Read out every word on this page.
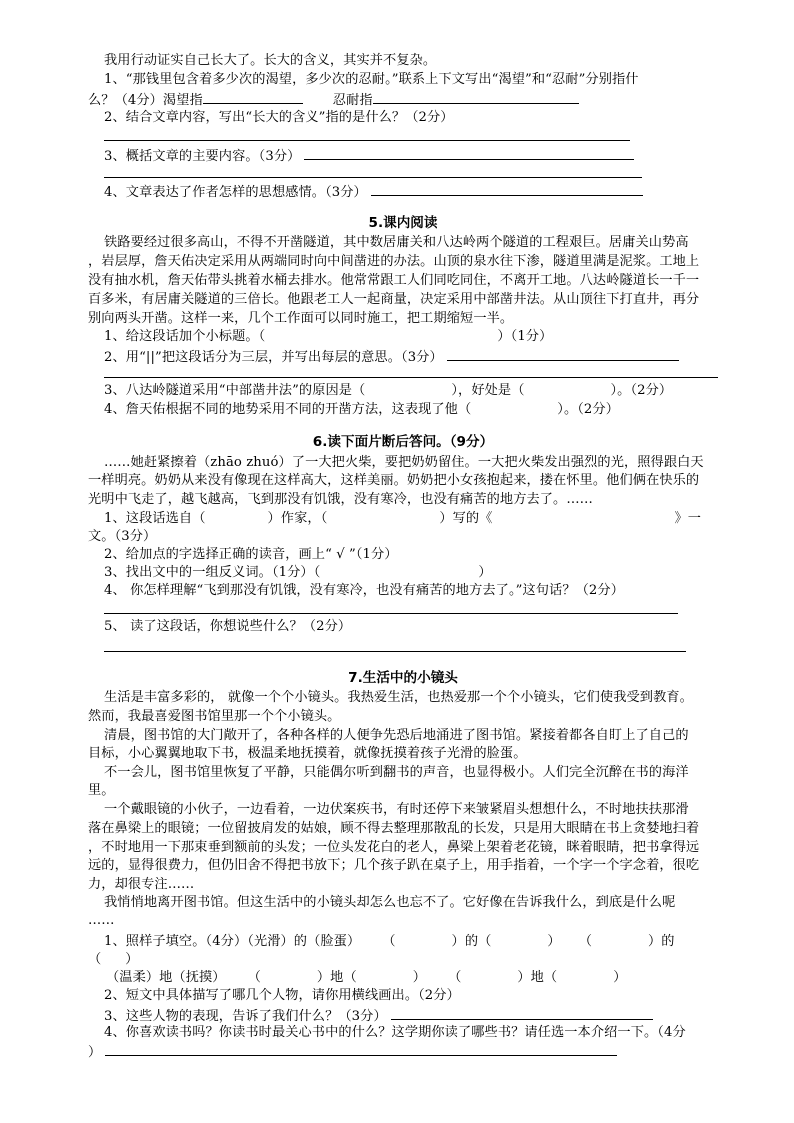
我用行动证实自己长大了。长大的含义，其实并不复杂。
1、“那钱里包含着多少次的渴望，多少次的忍耐。”联系上下文写出“渴望”和“忍耐”分别指什
么？（4分）渴望指	忍耐指
2、结合文章内容，写出“长大的含义”指的是什么？（2分）
3、概括文章的主要内容。（3分）
4、文章表达了作者怎样的思想感情。（3分）
5.课内阅读
铁路要经过很多高山，不得不开凿隧道，其中数居庸关和八达岭两个隧道的工程艰巨。居庸关山势高
，岩层厚，詹天佑决定采用从两端同时向中间凿进的办法。山顶的泉水往下渗，隧道里满是泥浆。工地上
没有抽水机，詹天佑带头挑着水桶去排水。他常常跟工人们同吃同住，不离开工地。八达岭隧道长一千一
百多米，有居庸关隧道的三倍长。他跟老工人一起商量，决定采用中部凿井法。从山顶往下打直井，再分
别向两头开凿。这样一来，几个工作面可以同时施工，把工期缩短一半。
1、给这段话加个小标题。（	）（1分）
2、用“||”把这段话分为三层，并写出每层的意思。（3分）
3、八达岭隧道采用“中部凿井法”的原因是（	），好处是（	）。（2分）
4、詹天佑根据不同的地势采用不同的开凿方法，这表现了他（	）。（2分）
6.读下面片断后答问。（9分）
……她赶紧擦着（zhāo zhuó）了一大把火柴，要把奶奶留住。一大把火柴发出强烈的光，照得跟白天
一样明亮。奶奶从来没有像现在这样高大，这样美丽。奶奶把小女孩抱起来，搂在怀里。他们俩在快乐的
光明中飞走了，越飞越高，飞到那没有饥饿，没有寒冷，也没有痛苦的地方去了。……
1、这段话选自（	）作家，（	）写的《	》一
文。（3分）
2、给加点的字选择正确的读音，画上“ √ ”（1分）
3、找出文中的一组反义词。（1分）（	）
4、 你怎样理解“飞到那没有饥饿，没有寒冷，也没有痛苦的地方去了。”这句话？（2分）
5、 读了这段话，你想说些什么？（2分）
7.生活中的小镜头
生活是丰富多彩的， 就像一个个小镜头。我热爱生活，也热爱那一个个小镜头，它们使我受到教育。
然而，我最喜爱图书馆里那一个个小镜头。
清晨，图书馆的大门敞开了，各种各样的人便争先恐后地涌进了图书馆。紧接着都各自盯上了自己的
目标，小心翼翼地取下书，极温柔地抚摸着，就像抚摸着孩子光滑的脸蛋。
不一会儿，图书馆里恢复了平静，只能偶尔听到翻书的声音，也显得极小。人们完全沉醉在书的海洋
里。
一个戴眼镜的小伙子，一边看着，一边伏案疾书，有时还停下来皱紧眉头想想什么，不时地扶扶那滑
落在鼻梁上的眼镜；一位留披肩发的姑娘，顾不得去整理那散乱的长发，只是用大眼睛在书上贪婪地扫着
，不时地用一下那束垂到额前的头发；一位头发花白的老人，鼻梁上架着老花镜，眯着眼睛，把书拿得远
远的，显得很费力，但仍旧舍不得把书放下；几个孩子趴在桌子上，用手指着，一个字一个字念着，很吃
力，却很专注……
我悄悄地离开图书馆。但这生活中的小镜头却怎么也忘不了。它好像在告诉我什么，到底是什么呢
……
1、照样子填空。（4分）（光滑）的（脸蛋） （	）的（	） （	）的
（ ）
（温柔）地（抚摸） （	）地（	） （	）地（	）
2、短文中具体描写了哪几个人物，请你用横线画出。（2分）
3、这些人物的表现，告诉了我们什么？（3分）
4、你喜欢读书吗？你读书时最关心书中的什么？这学期你读了哪些书？请任选一本介绍一下。（4分
）
